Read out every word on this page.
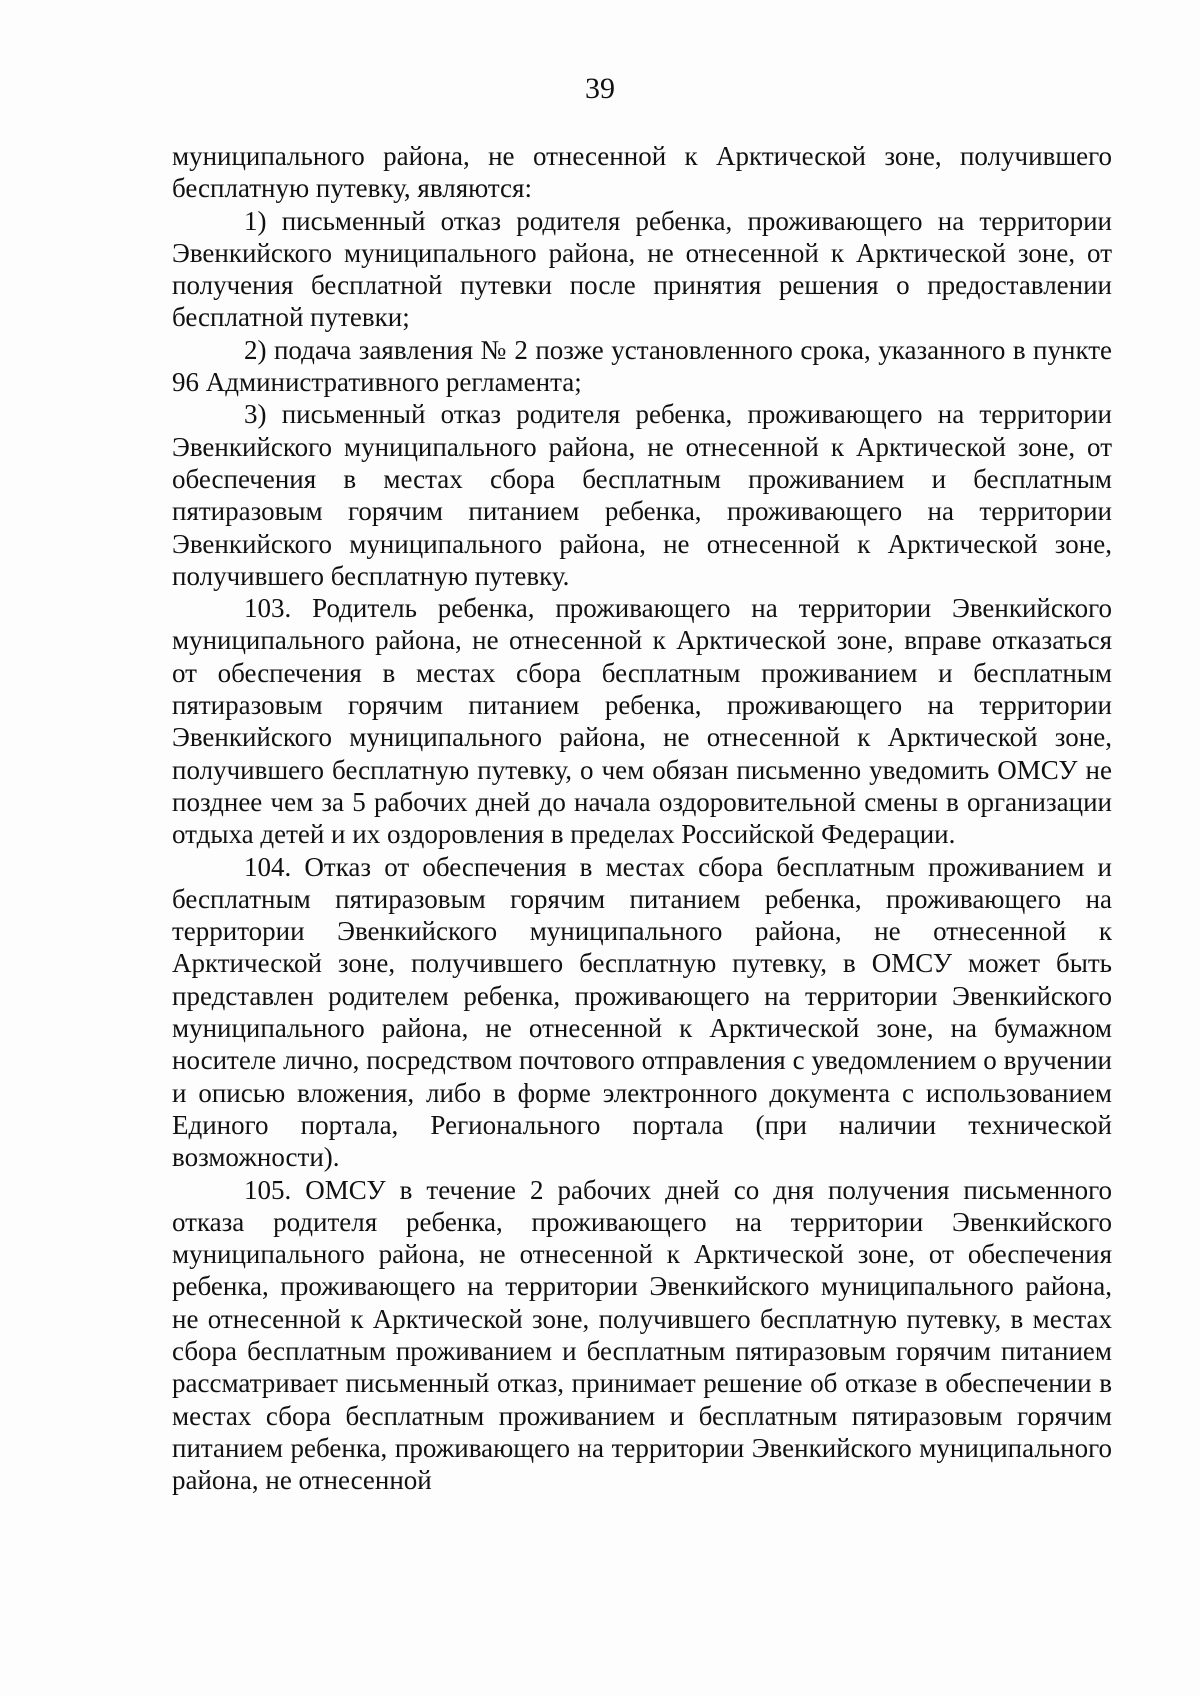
39

муниципального района, не отнесенной к Арктической зоне, получившего бесплатную путевку, являются:

1) письменный отказ родителя ребенка, проживающего на территории Эвенкийского муниципального района, не отнесенной к Арктической зоне, от получения бесплатной путевки после принятия решения о предоставлении бесплатной путевки;

2) подача заявления № 2 позже установленного срока, указанного в пункте 96 Административного регламента;

3) письменный отказ родителя ребенка, проживающего на территории Эвенкийского муниципального района, не отнесенной к Арктической зоне, от обеспечения в местах сбора бесплатным проживанием и бесплатным пятиразовым горячим питанием ребенка, проживающего на территории Эвенкийского муниципального района, не отнесенной к Арктической зоне, получившего бесплатную путевку.

103. Родитель ребенка, проживающего на территории Эвенкийского муниципального района, не отнесенной к Арктической зоне, вправе отказаться от обеспечения в местах сбора бесплатным проживанием и бесплатным пятиразовым горячим питанием ребенка, проживающего на территории Эвенкийского муниципального района, не отнесенной к Арктической зоне, получившего бесплатную путевку, о чем обязан письменно уведомить ОМСУ не позднее чем за 5 рабочих дней до начала оздоровительной смены в организации отдыха детей и их оздоровления в пределах Российской Федерации.

104. Отказ от обеспечения в местах сбора бесплатным проживанием и бесплатным пятиразовым горячим питанием ребенка, проживающего на территории Эвенкийского муниципального района, не отнесенной к Арктической зоне, получившего бесплатную путевку, в ОМСУ может быть представлен родителем ребенка, проживающего на территории Эвенкийского муниципального района, не отнесенной к Арктической зоне, на бумажном носителе лично, посредством почтового отправления с уведомлением о вручении и описью вложения, либо в форме электронного документа с использованием Единого портала, Регионального портала (при наличии технической возможности).

105. ОМСУ в течение 2 рабочих дней со дня получения письменного отказа родителя ребенка, проживающего на территории Эвенкийского муниципального района, не отнесенной к Арктической зоне, от обеспечения ребенка, проживающего на территории Эвенкийского муниципального района, не отнесенной к Арктической зоне, получившего бесплатную путевку, в местах сбора бесплатным проживанием и бесплатным пятиразовым горячим питанием рассматривает письменный отказ, принимает решение об отказе в обеспечении в местах сбора бесплатным проживанием и бесплатным пятиразовым горячим питанием ребенка, проживающего на территории Эвенкийского муниципального района, не отнесенной
